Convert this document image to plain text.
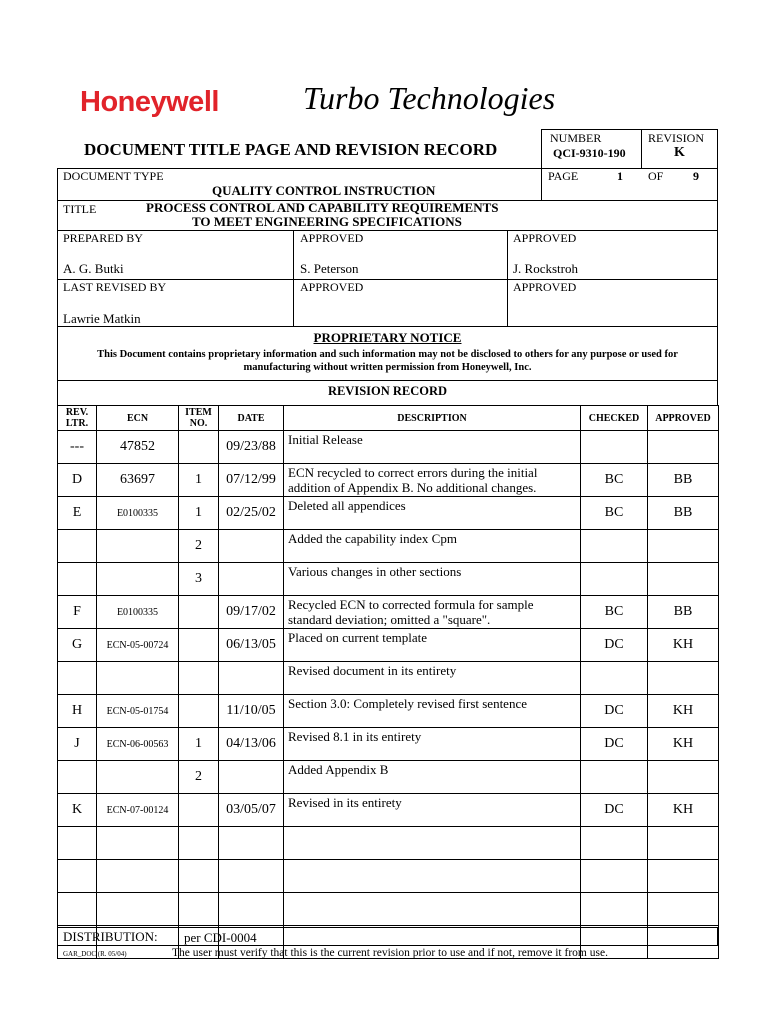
Honeywell	Turbo Technologies
DOCUMENT TITLE PAGE AND REVISION RECORD
NUMBER
QCI-9310-190
REVISION
K
DOCUMENT TYPE
QUALITY CONTROL INSTRUCTION
PAGE	1 OF 9
TITLE	PROCESS CONTROL AND CAPABILITY REQUIREMENTS
TO MEET ENGINEERING SPECIFICATIONS
PREPARED BY
A. G. Butki
APPROVED
S. Peterson
APPROVED
J. Rockstroh
LAST REVISED BY
Lawrie Matkin
APPROVED	APPROVED
PROPRIETARY NOTICE
This Document contains proprietary information and such information may not be disclosed to others for any purpose or used for
manufacturing without written permission from Honeywell, Inc.
REVISION RECORD
REV. LTR.	ECN	ITEM NO.	DATE	DESCRIPTION	CHECKED	APPROVED
---	47852		09/23/88	Initial Release		
D	63697	1	07/12/99	ECN recycled to correct errors during the initial addition of Appendix B. No additional changes.	BC	BB
E	E0100335	1	02/25/02	Deleted all appendices	BC	BB
		2		Added the capability index Cpm		
		3		Various changes in other sections		
F	E0100335		09/17/02	Recycled ECN to corrected formula for sample standard deviation; omitted a "square".	BC	BB
G	ECN-05-00724		06/13/05	Placed on current template	DC	KH
				Revised document in its entirety		
H	ECN-05-01754		11/10/05	Section 3.0: Completely revised first sentence	DC	KH
J	ECN-06-00563	1	04/13/06	Revised 8.1 in its entirety	DC	KH
		2		Added Appendix B		
K	ECN-07-00124		03/05/07	Revised in its entirety	DC	KH

DISTRIBUTION: per CDI-0004
GAR_DOC (R. 05/04)	The user must verify that this is the current revision prior to use and if not, remove it from use.
